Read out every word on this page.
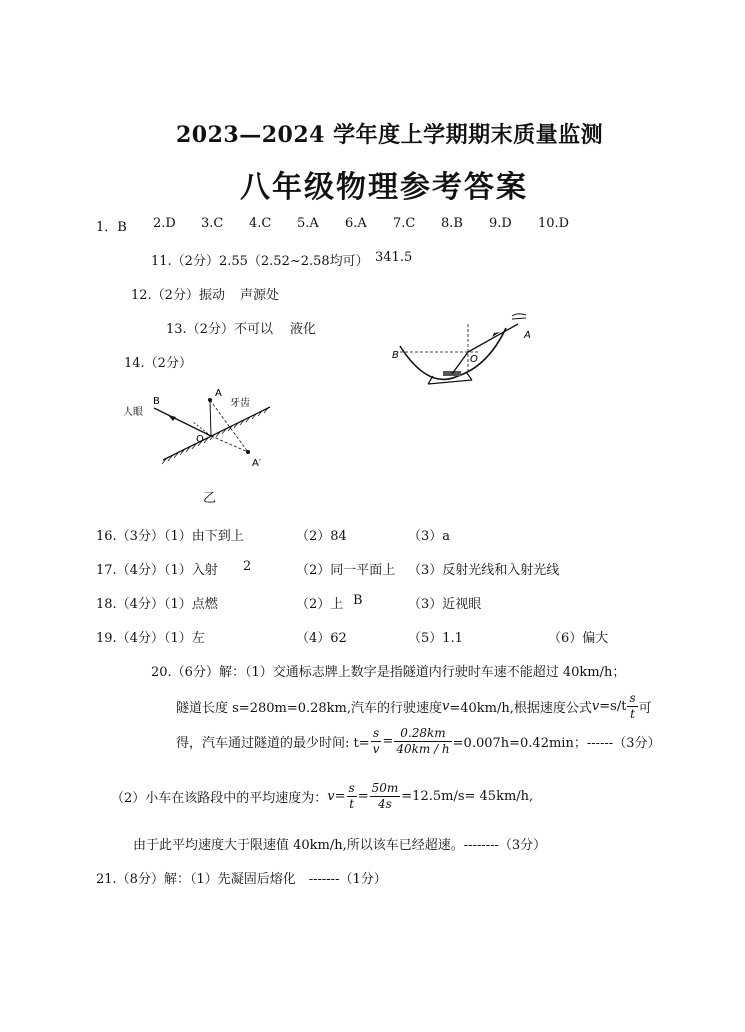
2023—2024 学年度上学期期末质量监测
八年级物理参考答案
1．B 2.D 3.C 4.C 5.A 6.A 7.C 8.B 9.D 10.D
11.（2分）2.55（2.52~2.58均可） 341.5
12.（2分）振动 声源处
13.（2分）不可以 液化
14.（2分）
B
人眼
A
牙齿
O
A′
乙
B	O
A
16.（3分）（1）由下到上	（2）84	（3）a
17.（4分）（1）入射 2	（2）同一平面上 （3）反射光线和入射光线
18.（4分）（1）点燃	（2）上 B	（3）近视眼
19.（4分）（1）左	（4）62	（5）1.1	（6）偏大
20.（6分）解：（1）交通标志牌上数字是指隧道内行驶时车速不能超过 40km/h；
隧道长度 s=280m=0.28km,汽车的行驶速度 v =40km/h,根据速度公式 $v =s/t \frac{s}{t}$ 可
得，汽车通过隧道的最少时间: $t= \frac{s}{v} = \frac{0.28km}{40km / h} =0.007h=0.42\min$；------（3分）
（2）小车在该路段中的平均速度为： $v = \frac{s}{t} = \frac{50m}{4s} =12.5m/s= 45km/h$,
由于此平均速度大于限速值 40km/h,所以该车已经超速。--------（3分）
21.（8分）解：（1）先凝固后熔化　-------（1分）
